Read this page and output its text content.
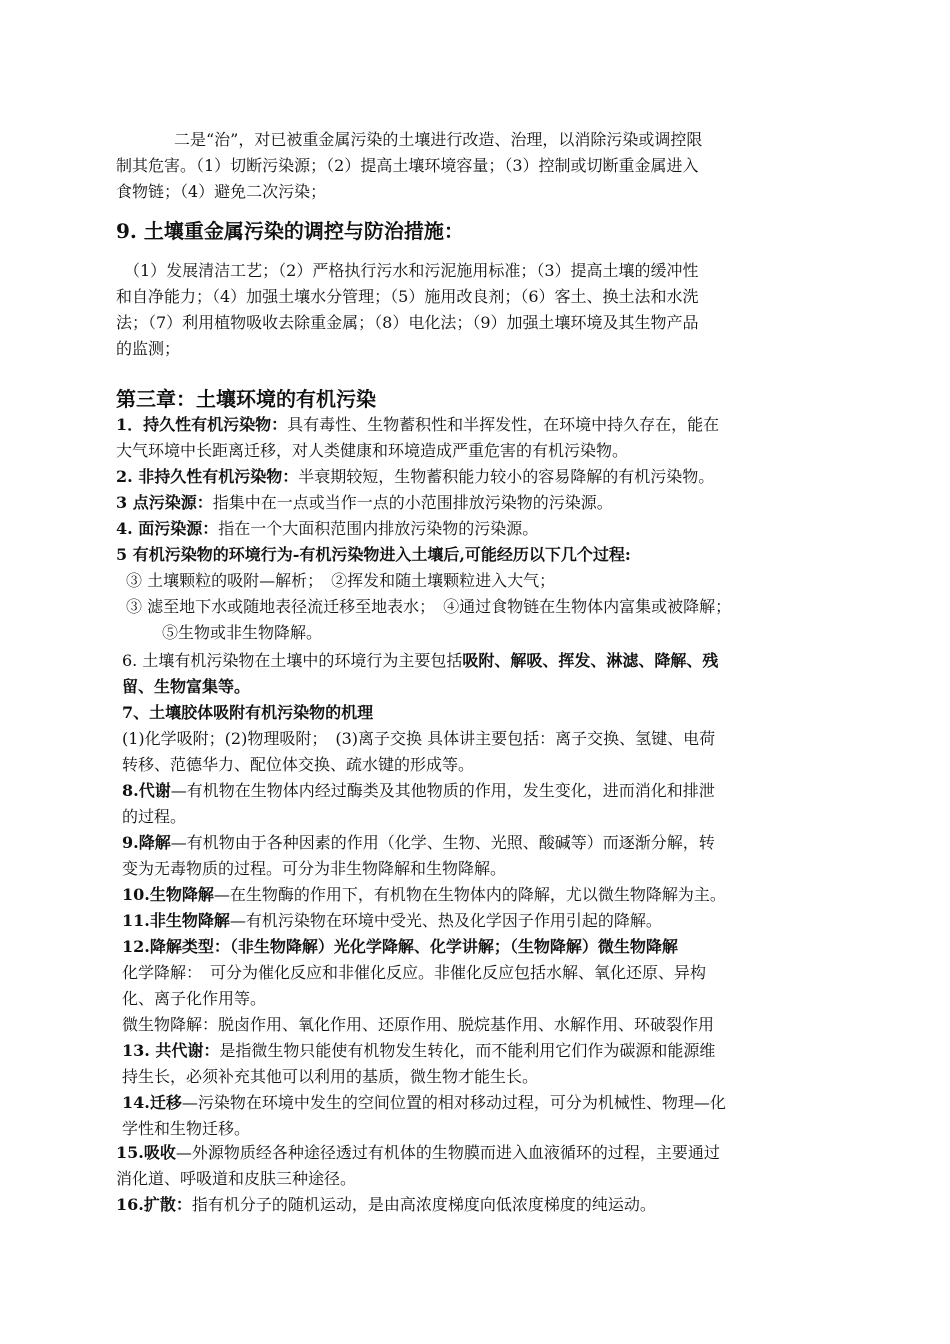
二是“治”，对已被重金属污染的土壤进行改造、治理，以消除污染或调控限
制其危害。（1）切断污染源；（2）提高土壤环境容量；（3）控制或切断重金属进入
食物链；（4）避免二次污染；
9. 土壤重金属污染的调控与防治措施：
（1）发展清洁工艺；（2）严格执行污水和污泥施用标准；（3）提高土壤的缓冲性
和自净能力；（4）加强土壤水分管理；（5）施用改良剂；（6）客土、换土法和水洗
法；（7）利用植物吸收去除重金属；（8）电化法；（9）加强土壤环境及其生物产品
的监测；
第三章：土壤环境的有机污染
1．持久性有机污染物：具有毒性、生物蓄积性和半挥发性，在环境中持久存在，能在
大气环境中长距离迁移，对人类健康和环境造成严重危害的有机污染物。
2. 非持久性有机污染物：半衰期较短，生物蓄积能力较小的容易降解的有机污染物。
3 点污染源：指集中在一点或当作一点的小范围排放污染物的污染源。
4. 面污染源：指在一个大面积范围内排放污染物的污染源。
5 有机污染物的环境行为-有机污染物进入土壤后,可能经历以下几个过程:
③ 土壤颗粒的吸附—解析；　②挥发和随土壤颗粒进入大气；
③ 滤至地下水或随地表径流迁移至地表水；　④通过食物链在生物体内富集或被降解；
⑤生物或非生物降解。
6. 土壤有机污染物在土壤中的环境行为主要包括吸附、解吸、挥发、淋滤、降解、残
留、生物富集等。
7、土壤胶体吸附有机污染物的机理
(1)化学吸附；(2)物理吸附；　(3)离子交换 具体讲主要包括：离子交换、氢键、电荷
转移、范德华力、配位体交换、疏水键的形成等。
8.代谢—有机物在生物体内经过酶类及其他物质的作用，发生变化，进而消化和排泄
的过程。
9.降解—有机物由于各种因素的作用（化学、生物、光照、酸碱等）而逐渐分解，转
变为无毒物质的过程。可分为非生物降解和生物降解。
10.生物降解—在生物酶的作用下，有机物在生物体内的降解，尤以微生物降解为主。
11.非生物降解—有机污染物在环境中受光、热及化学因子作用引起的降解。
12.降解类型：（非生物降解）光化学降解、化学讲解；（生物降解）微生物降解
化学降解：　可分为催化反应和非催化反应。非催化反应包括水解、氧化还原、异构
化、离子化作用等。
微生物降解：脱卤作用、氧化作用、还原作用、脱烷基作用、水解作用、环破裂作用
13. 共代谢：是指微生物只能使有机物发生转化，而不能利用它们作为碳源和能源维
持生长，必须补充其他可以利用的基质，微生物才能生长。
14.迁移—污染物在环境中发生的空间位置的相对移动过程，可分为机械性、物理—化
学性和生物迁移。
15.吸收—外源物质经各种途径透过有机体的生物膜而进入血液循环的过程，主要通过
消化道、呼吸道和皮肤三种途径。
16.扩散：指有机分子的随机运动，是由高浓度梯度向低浓度梯度的纯运动。
